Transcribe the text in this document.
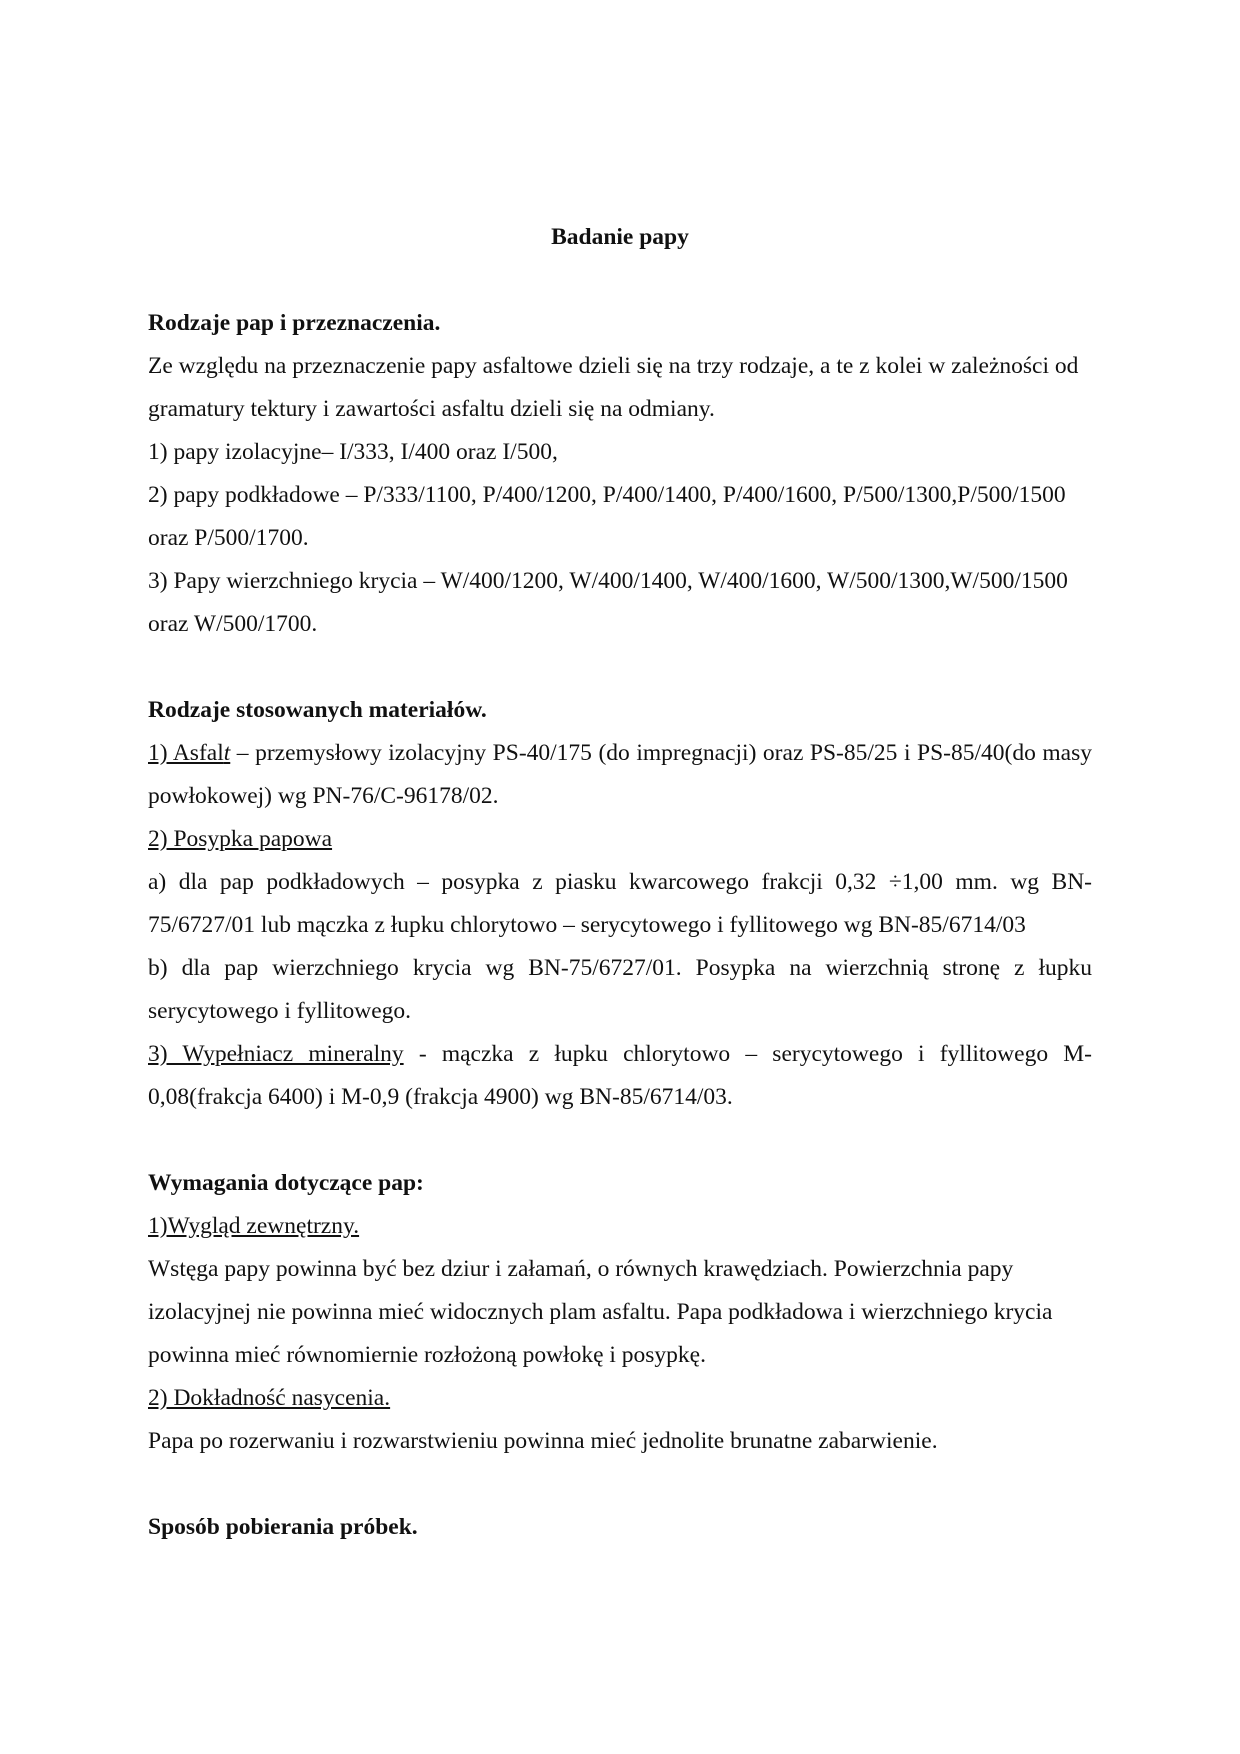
Badanie papy

Rodzaje pap i przeznaczenia.

Ze względu na przeznaczenie papy asfaltowe dzieli się na trzy rodzaje, a te z kolei w zależności od gramatury tektury i zawartości asfaltu dzieli się na odmiany.

1) papy izolacyjne– I/333, I/400 oraz I/500,

2) papy podkładowe – P/333/1100, P/400/1200, P/400/1400, P/400/1600, P/500/1300,P/500/1500 oraz P/500/1700.

3) Papy wierzchniego krycia – W/400/1200, W/400/1400, W/400/1600, W/500/1300,W/500/1500 oraz W/500/1700.

Rodzaje stosowanych materiałów.

1) Asfalt – przemysłowy izolacyjny PS-40/175 (do impregnacji) oraz PS-85/25 i PS-85/40(do masy powłokowej) wg PN-76/C-96178/02.

2) Posypka papowa

a) dla pap podkładowych – posypka z piasku kwarcowego frakcji 0,32 ÷1,00 mm. wg BN-75/6727/01 lub mączka z łupku chlorytowo – serycytowego i fyllitowego wg BN-85/6714/03

b) dla pap wierzchniego krycia wg BN-75/6727/01. Posypka na wierzchnią stronę z łupku serycytowego i fyllitowego.

3) Wypełniacz mineralny - mączka z łupku chlorytowo – serycytowego i fyllitowego M-0,08(frakcja 6400) i M-0,9 (frakcja 4900) wg BN-85/6714/03.

Wymagania dotyczące pap:

1)Wygląd zewnętrzny.

Wstęga papy powinna być bez dziur i załamań, o równych krawędziach. Powierzchnia papy izolacyjnej nie powinna mieć widocznych plam asfaltu. Papa podkładowa i wierzchniego krycia powinna mieć równomiernie rozłożoną powłokę i posypkę.

2) Dokładność nasycenia.

Papa po rozerwaniu i rozwarstwieniu powinna mieć jednolite brunatne zabarwienie.

Sposób pobierania próbek.
